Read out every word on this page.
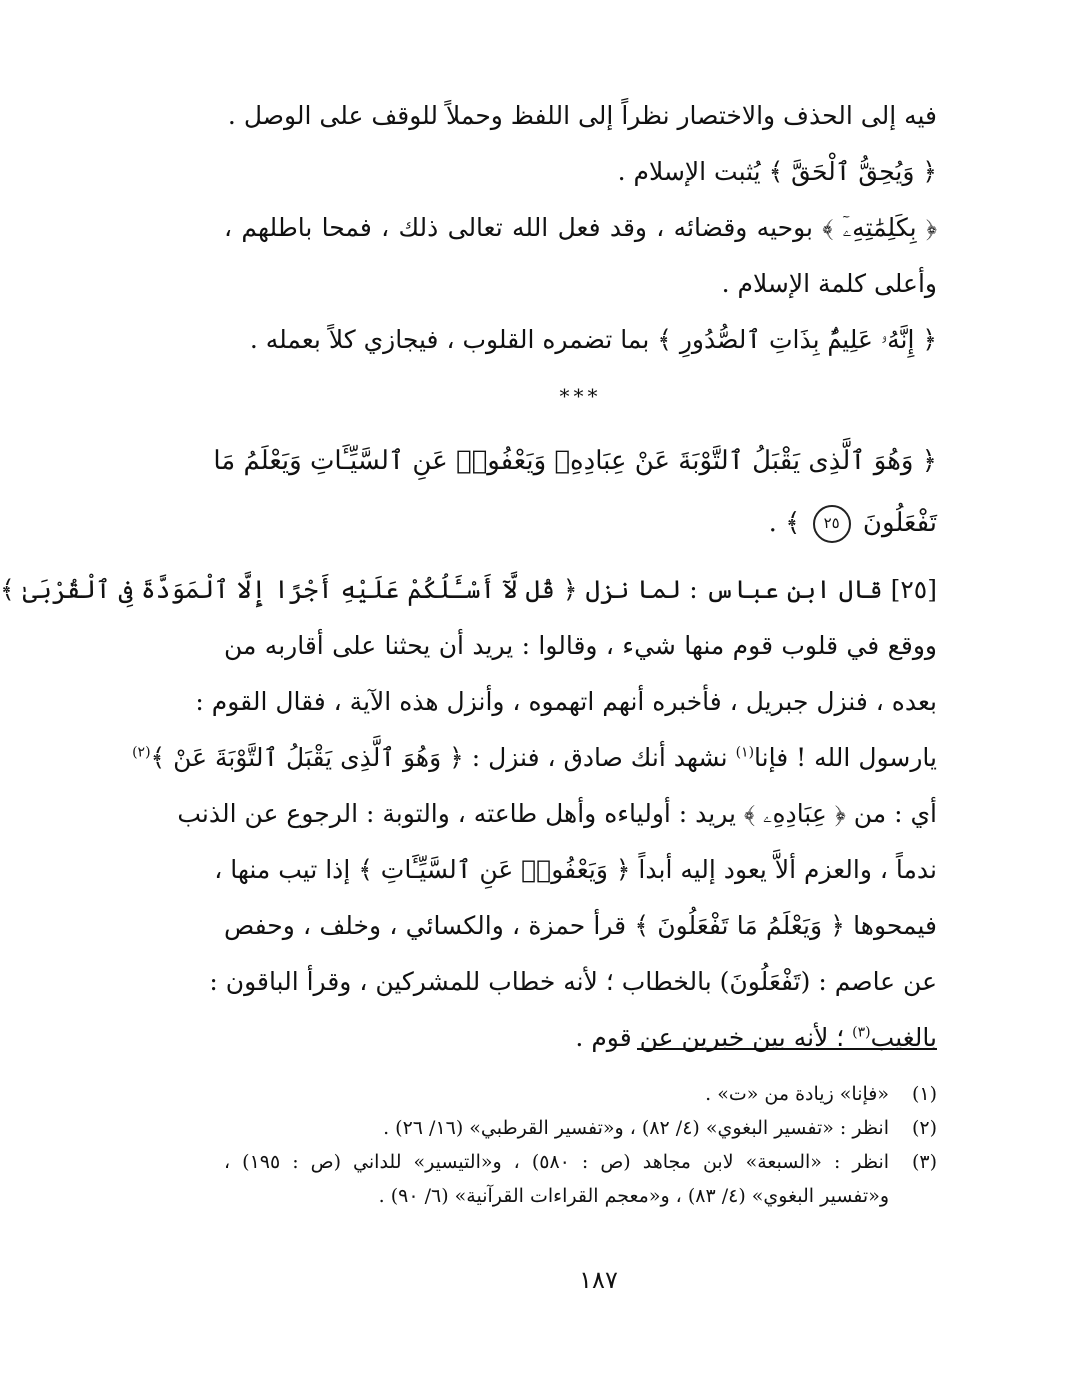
فيه إلى الحذف والاختصار نظراً إلى اللفظ وحملاً للوقف على الوصل .
﴿ وَيُحِقُّ ٱلْحَقَّ ﴾ يُثبت الإسلام .
﴿ بِكَلِمَٰتِهِۦٓ ﴾ بوحيه وقضائه ، وقد فعل الله تعالى ذلك ، فمحا باطلهم ،
وأعلى كلمة الإسلام .
﴿ إِنَّهُۥ عَلِيمٌۢ بِذَاتِ ٱلصُّدُورِ ﴾ بما تضمره القلوب ، فيجازي كلاً بعمله .
***
﴿ وَهُوَ ٱلَّذِى يَقْبَلُ ٱلتَّوْبَةَ عَنْ عِبَادِهِۦ وَيَعْفُوا۟ عَنِ ٱلسَّيِّـَٔاتِ وَيَعْلَمُ مَا
تَفْعَلُونَ ٢٥ ﴾ .
[٢٥] قال ابن عباس : لما نزل ﴿ قُل لَّآ أَسْـَٔلُكُمْ عَلَيْهِ أَجْرًا إِلَّا ٱلْمَوَدَّةَ فِى ٱلْقُرْبَىٰ ﴾
ووقع في قلوب قوم منها شيء ، وقالوا : يريد أن يحثنا على أقاربه من
بعده ، فنزل جبريل ، فأخبره أنهم اتهموه ، وأنزل هذه الآية ، فقال القوم :
يارسول الله ! فإنا$^{(١)}$ نشهد أنك صادق ، فنزل : ﴿ وَهُوَ ٱلَّذِى يَقْبَلُ ٱلتَّوْبَةَ عَنْ ﴾$^{(٢)}$
أي : من ﴿ عِبَادِهِۦ ﴾ يريد : أولياءه وأهل طاعته ، والتوبة : الرجوع عن الذنب
ندماً ، والعزم ألاَّ يعود إليه أبداً ﴿ وَيَعْفُوا۟ عَنِ ٱلسَّيِّـَٔاتِ ﴾ إذا تيب منها ،
فيمحوها ﴿ وَيَعْلَمُ مَا تَفْعَلُونَ ﴾ قرأ حمزة ، والكسائي ، وخلف ، وحفص
عن عاصم : (تَفْعَلُونَ) بالخطاب ؛ لأنه خطاب للمشركين ، وقرأ الباقون :
بالغيب$^{(٣)}$ ؛ لأنه بين خبرين عن قوم .
(١)
«فإنا» زيادة من «ت» .
(٢)
انظر : «تفسير البغوي» (٤/ ٨٢) ، و«تفسير القرطبي» (١٦/ ٢٦) .
(٣)
انظر : «السبعة» لابن مجاهد (ص : ٥٨٠) ، و«التيسير» للداني (ص : ١٩٥) ،
و«تفسير البغوي» (٤/ ٨٣) ، و«معجم القراءات القرآنية» (٦/ ٩٠) .
١٨٧
